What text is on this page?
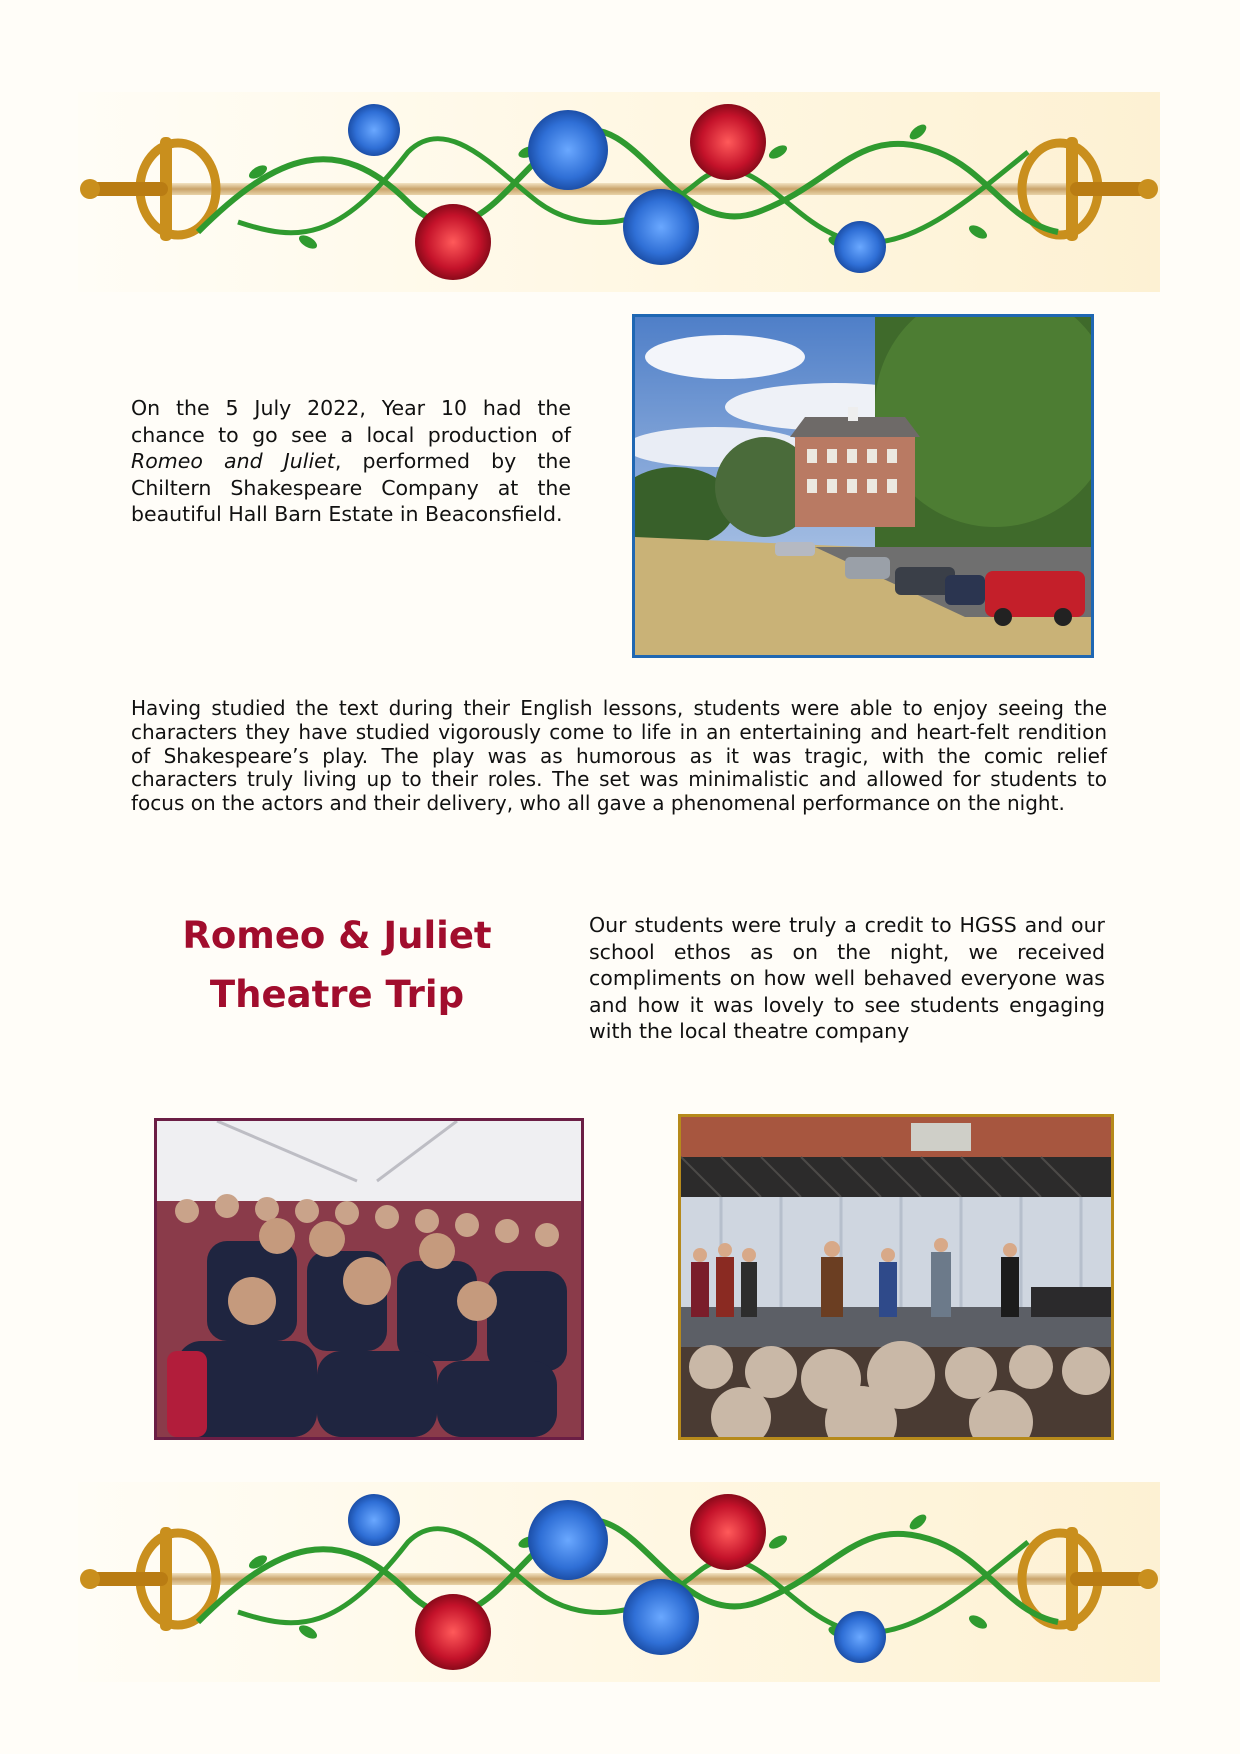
On the 5 July 2022, Year 10 had the chance to go see a local production of Romeo and Juliet, performed by the Chiltern Shakespeare Company at the beautiful Hall Barn Estate in Beaconsfield.

Having studied the text during their English lessons, students were able to enjoy seeing the characters they have studied vigorously come to life in an entertaining and heart-felt rendition of Shakespeare’s play. The play was as humorous as it was tragic, with the comic relief characters truly living up to their roles. The set was minimalistic and allowed for students to focus on the actors and their delivery, who all gave a phenomenal performance on the night.

Romeo & Juliet
Theatre Trip

Our students were truly a credit to HGSS and our school ethos as on the night, we received compliments on how well behaved everyone was and how it was lovely to see students engaging with the local theatre company
